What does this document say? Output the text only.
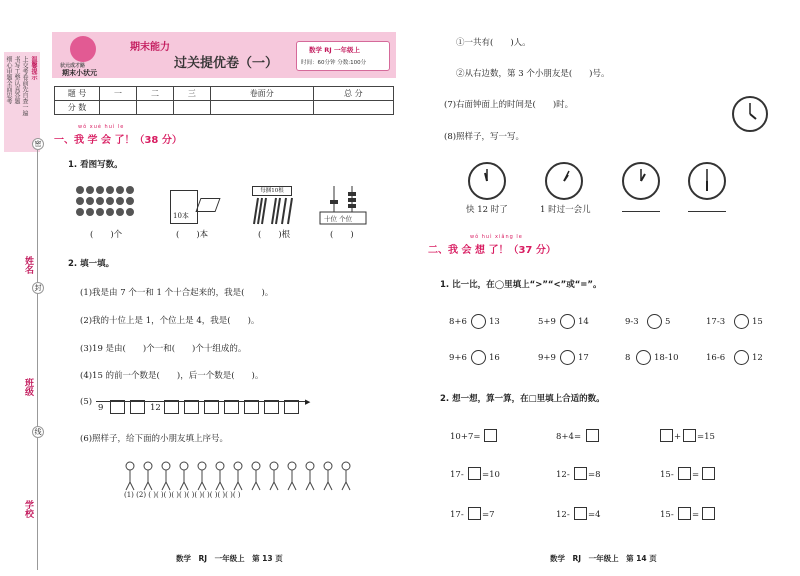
温馨提示
上交考卷前先自查一遍
书写工整认真答题
细心审题全面思考
密
封
线
姓名
班级
学校
状元成才路
期末小状元
期末能力
过关提优卷（一）
数学 RJ 一年级上
时间：60分钟 分数:100分
题 号	一	二	三	卷面分	总 分
分 数					
wǒ xué huì le
一、我 学 会 了！（38 分）
1. 看图写数。
10本
每捆10根
十位 个位
(　　)个	(　　)本	(　　)根	(　　)
2. 填一填。
(1)我是由 7 个一和 1 个十合起来的，我是(　　)。
(2)我的十位上是 1，个位上是 4，我是(　　)。
(3)19 是由(　　)个一和(　　)个十组成的。
(4)15 的前一个数是(　　)，后一个数是(　　)。
(5)	▶
9	12
(6)照样子，给下面的小朋友填上序号。
(1) (2) ( )( )( )( )( )( )( )( )( )( )( )( )
数学　RJ　一年级上　第 13 页
①一共有(　　)人。
②从右边数，第 3 个小朋友是(　　)号。
(7)右面钟面上的时间是(　　)时。
(8)照样子，写一写。
快 12 时了	1 时过一会儿
wǒ huì xiǎng le
二、我 会 想 了！（37 分）
1. 比一比，在◯里填上“>”“<”或“=”。
8+6	13	5+9	14	9-3	5	17-3	15
9+6	16	9+9	17	8	18-10	16-6	12
2. 想一想，算一算，在□里填上合适的数。
10+7=	8+4=	+ =15
17- =10	12- =8	15- =
17- =7	12- =4	15- =
数学　RJ　一年级上　第 14 页
